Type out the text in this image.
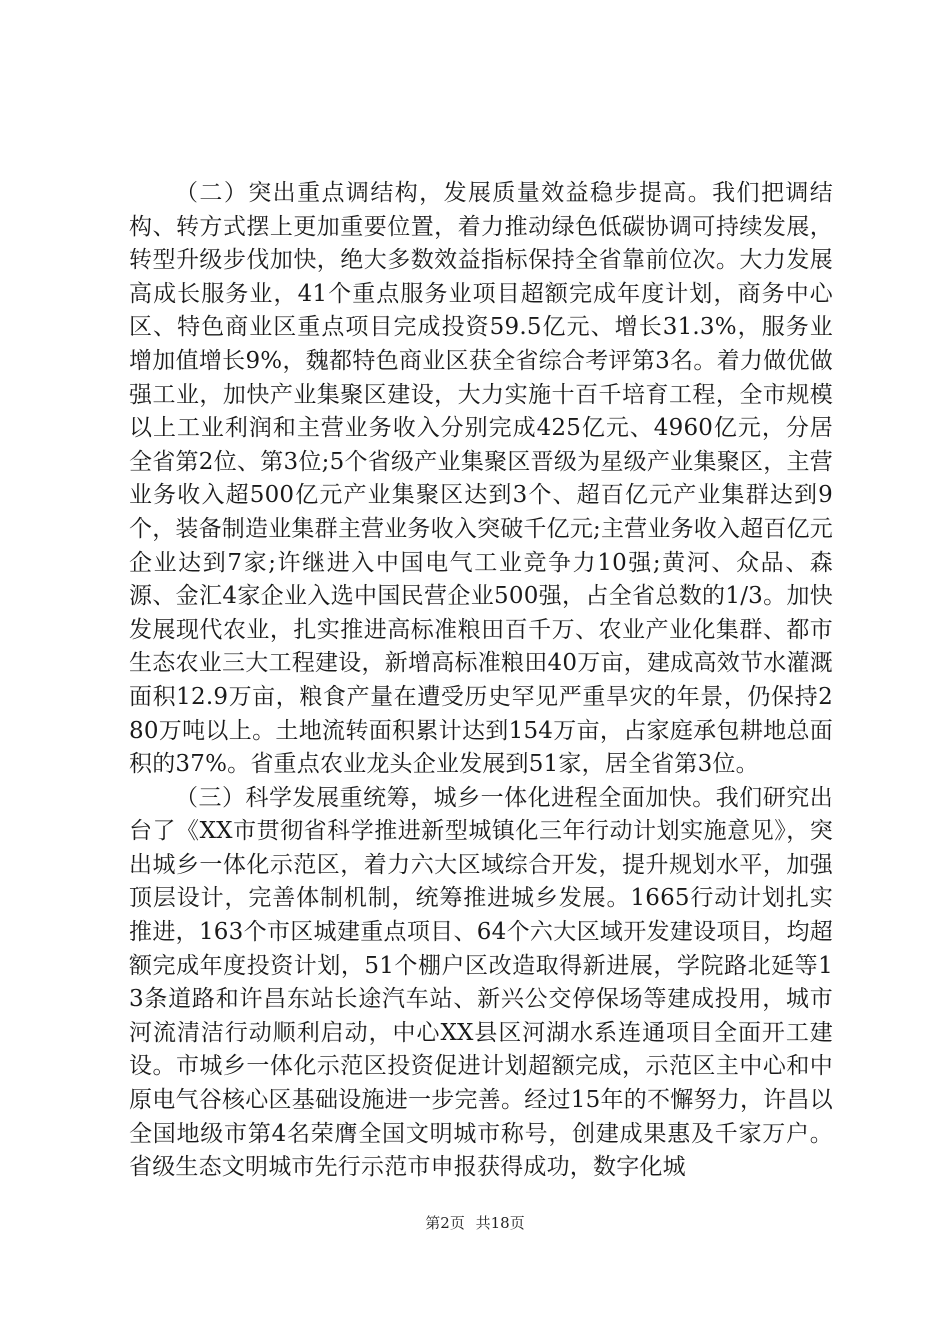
（二）突出重点调结构，发展质量效益稳步提高。我们把调结构、转方式摆上更加重要位置，着力推动绿色低碳协调可持续发展，转型升级步伐加快，绝大多数效益指标保持全省靠前位次。大力发展高成长服务业，41个重点服务业项目超额完成年度计划，商务中心区、特色商业区重点项目完成投资59.5亿元、增长31.3%，服务业增加值增长9%，魏都特色商业区获全省综合考评第3名。着力做优做强工业，加快产业集聚区建设，大力实施十百千培育工程，全市规模以上工业利润和主营业务收入分别完成425亿元、4960亿元，分居全省第2位、第3位;5个省级产业集聚区晋级为星级产业集聚区，主营业务收入超500亿元产业集聚区达到3个、超百亿元产业集群达到9个，装备制造业集群主营业务收入突破千亿元;主营业务收入超百亿元企业达到7家;许继进入中国电气工业竞争力10强;黄河、众品、森源、金汇4家企业入选中国民营企业500强，占全省总数的1/3。加快发展现代农业，扎实推进高标准粮田百千万、农业产业化集群、都市生态农业三大工程建设，新增高标准粮田40万亩，建成高效节水灌溉面积12.9万亩，粮食产量在遭受历史罕见严重旱灾的年景，仍保持280万吨以上。土地流转面积累计达到154万亩，占家庭承包耕地总面积的37%。省重点农业龙头企业发展到51家，居全省第3位。

（三）科学发展重统筹，城乡一体化进程全面加快。我们研究出台了《XX市贯彻省科学推进新型城镇化三年行动计划实施意见》，突出城乡一体化示范区，着力六大区域综合开发，提升规划水平，加强顶层设计，完善体制机制，统筹推进城乡发展。1665行动计划扎实推进，163个市区城建重点项目、64个六大区域开发建设项目，均超额完成年度投资计划，51个棚户区改造取得新进展，学院路北延等13条道路和许昌东站长途汽车站、新兴公交停保场等建成投用，城市河流清洁行动顺利启动，中心XX县区河湖水系连通项目全面开工建设。市城乡一体化示范区投资促进计划超额完成，示范区主中心和中原电气谷核心区基础设施进一步完善。经过15年的不懈努力，许昌以全国地级市第4名荣膺全国文明城市称号，创建成果惠及千家万户。省级生态文明城市先行示范市申报获得成功，数字化城

第2页 共18页
